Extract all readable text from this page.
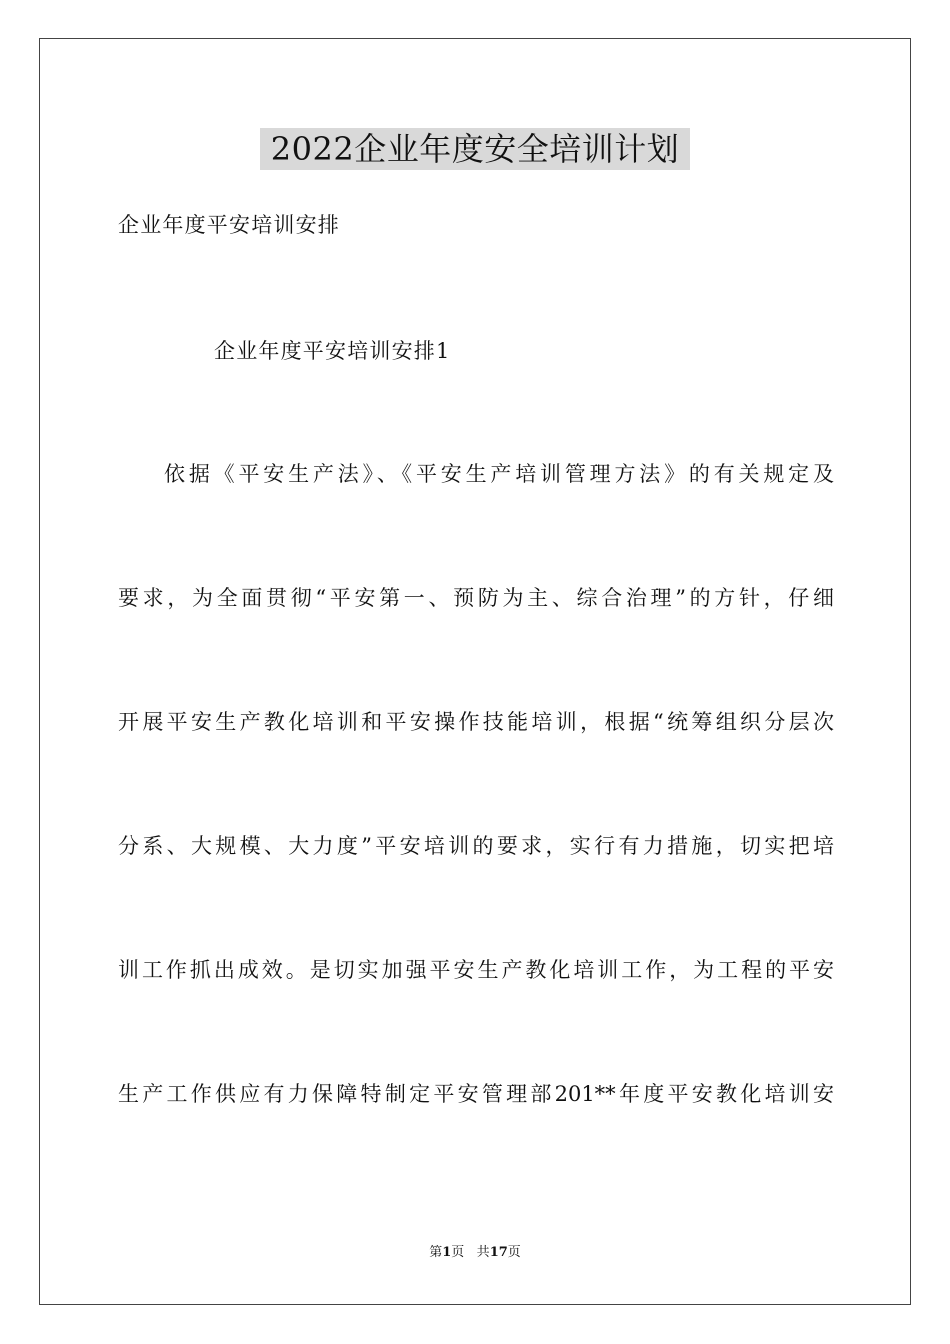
2022企业年度安全培训计划
企业年度平安培训安排
企业年度平安培训安排1
依据《平安生产法》、《平安生产培训管理方法》的有关规定及
要求，为全面贯彻“平安第一、预防为主、综合治理”的方针，仔细
开展平安生产教化培训和平安操作技能培训，根据“统筹组织分层次
分系、大规模、大力度”平安培训的要求，实行有力措施，切实把培
训工作抓出成效。是切实加强平安生产教化培训工作，为工程的平安
生产工作供应有力保障特制定平安管理部201**年度平安教化培训安
第1页 共17页
